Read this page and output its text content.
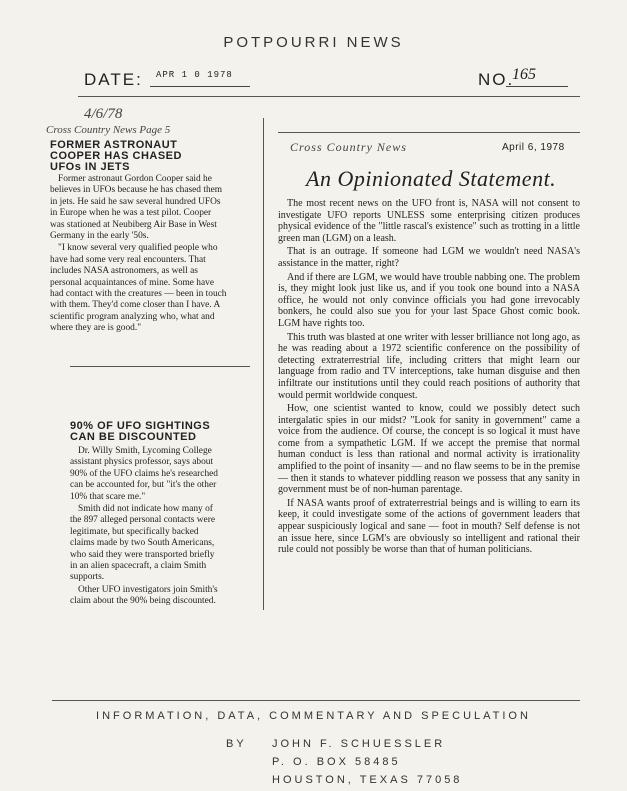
POTPOURRI NEWS
DATE: APR 1 0 1978	NO.
165
4/6/78
Cross Country News Page 5
FORMER ASTRONAUT
COOPER HAS CHASED
UFOs IN JETS

Former astronaut Gordon Cooper said he believes in UFOs because he has chased them in jets. He said he saw several hundred UFOs in Europe when he was a test pilot. Cooper was stationed at Neubiberg Air Base in West Germany in the early '50s.

"I know several very qualified people who have had some very real encounters. That includes NASA astronomers, as well as personal acquaintances of mine. Some have had contact with the creatures — been in touch with them. They'd come closer than I have. A scientific program analyzing who, what and where they are is good."

90% OF UFO SIGHTINGS
CAN BE DISCOUNTED

Dr. Willy Smith, Lycoming College assistant physics professor, says about 90% of the UFO claims he's researched can be accounted for, but "it's the other 10% that scare me."

Smith did not indicate how many of the 897 alleged personal contacts were legitimate, but specifically backed claims made by two South Americans, who said they were transported briefly in an alien spacecraft, a claim Smith supports.

Other UFO investigators join Smith's claim about the 90% being discounted.

Cross Country News	April 6, 1978
An Opinionated Statement.

The most recent news on the UFO front is, NASA will not consent to investigate UFO reports UNLESS some enterprising citizen produces physical evidence of the "little rascal's existence" such as trotting in a little green man (LGM) on a leash.

That is an outrage. If someone had LGM we wouldn't need NASA's assistance in the matter, right?

And if there are LGM, we would have trouble nabbing one. The problem is, they might look just like us, and if you took one bound into a NASA office, he would not only convince officials you had gone irrevocably bonkers, he could also sue you for your last Space Ghost comic book. LGM have rights too.

This truth was blasted at one writer with lesser brilliance not long ago, as he was reading about a 1972 scientific conference on the possibility of detecting extraterrestrial life, including critters that might learn our language from radio and TV interceptions, take human disguise and then infiltrate our institutions until they could reach positions of authority that would permit worldwide conquest.

How, one scientist wanted to know, could we possibly detect such intergalatic spies in our midst? "Look for sanity in government" came a voice from the audience. Of course, the concept is so logical it must have come from a sympathetic LGM. If we accept the premise that normal human conduct is less than rational and normal activity is irrationality amplified to the point of insanity — and no flaw seems to be in the premise — then it stands to whatever piddling reason we possess that any sanity in government must be of non-human parentage.

If NASA wants proof of extraterrestrial beings and is willing to earn its keep, it could investigate some of the actions of government leaders that appear suspiciously logical and sane — foot in mouth? Self defense is not an issue here, since LGM's are obviously so intelligent and rational their rule could not possibly be worse than that of human politicians.

INFORMATION, DATA, COMMENTARY AND SPECULATION
BY JOHN F. SCHUESSLER
P. O. BOX 58485
HOUSTON, TEXAS 77058
